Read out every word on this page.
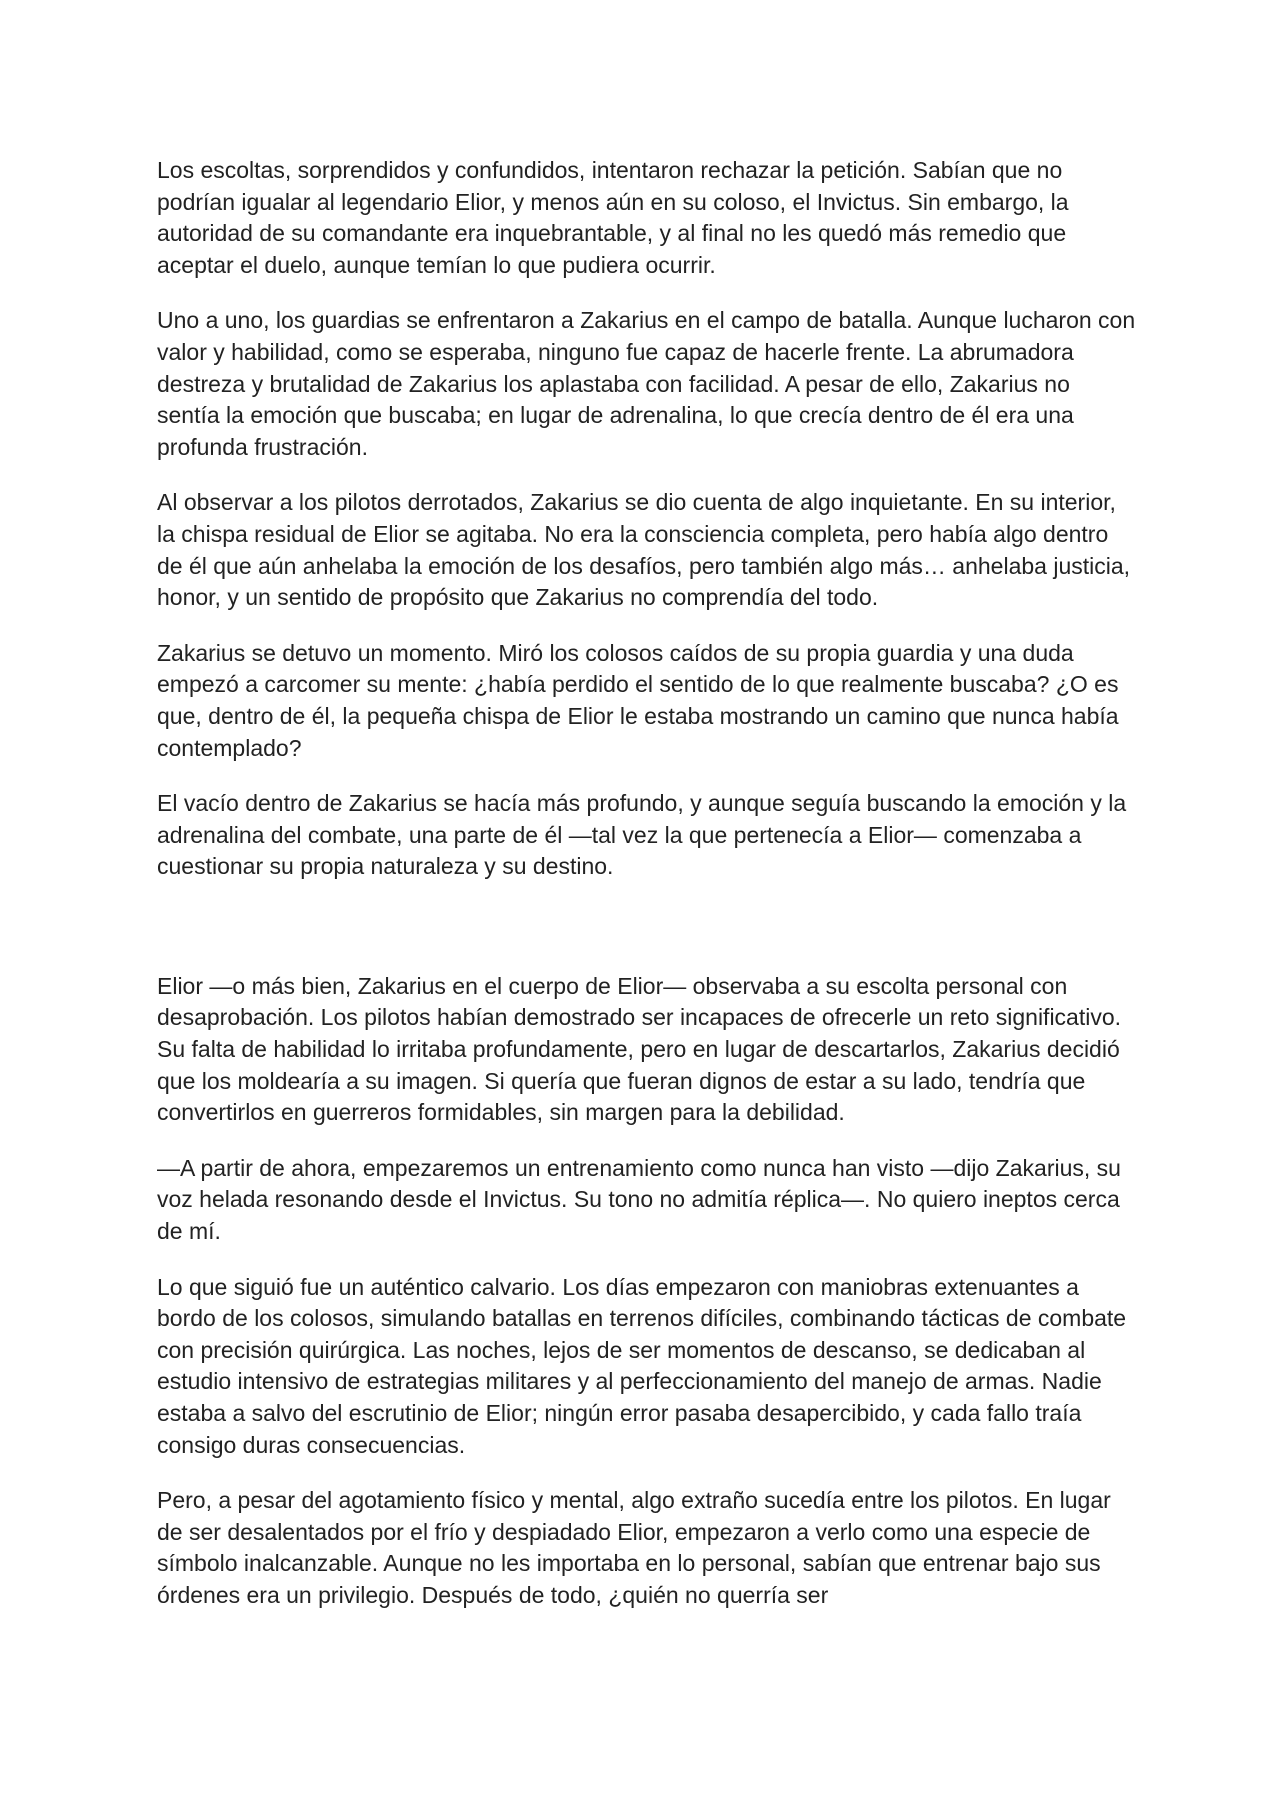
Los escoltas, sorprendidos y confundidos, intentaron rechazar la petición. Sabían que no podrían igualar al legendario Elior, y menos aún en su coloso, el Invictus. Sin embargo, la autoridad de su comandante era inquebrantable, y al final no les quedó más remedio que aceptar el duelo, aunque temían lo que pudiera ocurrir.

Uno a uno, los guardias se enfrentaron a Zakarius en el campo de batalla. Aunque lucharon con valor y habilidad, como se esperaba, ninguno fue capaz de hacerle frente. La abrumadora destreza y brutalidad de Zakarius los aplastaba con facilidad. A pesar de ello, Zakarius no sentía la emoción que buscaba; en lugar de adrenalina, lo que crecía dentro de él era una profunda frustración.

Al observar a los pilotos derrotados, Zakarius se dio cuenta de algo inquietante. En su interior, la chispa residual de Elior se agitaba. No era la consciencia completa, pero había algo dentro de él que aún anhelaba la emoción de los desafíos, pero también algo más… anhelaba justicia, honor, y un sentido de propósito que Zakarius no comprendía del todo.

Zakarius se detuvo un momento. Miró los colosos caídos de su propia guardia y una duda empezó a carcomer su mente: ¿había perdido el sentido de lo que realmente buscaba? ¿O es que, dentro de él, la pequeña chispa de Elior le estaba mostrando un camino que nunca había contemplado?

El vacío dentro de Zakarius se hacía más profundo, y aunque seguía buscando la emoción y la adrenalina del combate, una parte de él —tal vez la que pertenecía a Elior— comenzaba a cuestionar su propia naturaleza y su destino.

Elior —o más bien, Zakarius en el cuerpo de Elior— observaba a su escolta personal con desaprobación. Los pilotos habían demostrado ser incapaces de ofrecerle un reto significativo. Su falta de habilidad lo irritaba profundamente, pero en lugar de descartarlos, Zakarius decidió que los moldearía a su imagen. Si quería que fueran dignos de estar a su lado, tendría que convertirlos en guerreros formidables, sin margen para la debilidad.

—A partir de ahora, empezaremos un entrenamiento como nunca han visto —dijo Zakarius, su voz helada resonando desde el Invictus. Su tono no admitía réplica—. No quiero ineptos cerca de mí.

Lo que siguió fue un auténtico calvario. Los días empezaron con maniobras extenuantes a bordo de los colosos, simulando batallas en terrenos difíciles, combinando tácticas de combate con precisión quirúrgica. Las noches, lejos de ser momentos de descanso, se dedicaban al estudio intensivo de estrategias militares y al perfeccionamiento del manejo de armas. Nadie estaba a salvo del escrutinio de Elior; ningún error pasaba desapercibido, y cada fallo traía consigo duras consecuencias.

Pero, a pesar del agotamiento físico y mental, algo extraño sucedía entre los pilotos. En lugar de ser desalentados por el frío y despiadado Elior, empezaron a verlo como una especie de símbolo inalcanzable. Aunque no les importaba en lo personal, sabían que entrenar bajo sus órdenes era un privilegio. Después de todo, ¿quién no querría ser
